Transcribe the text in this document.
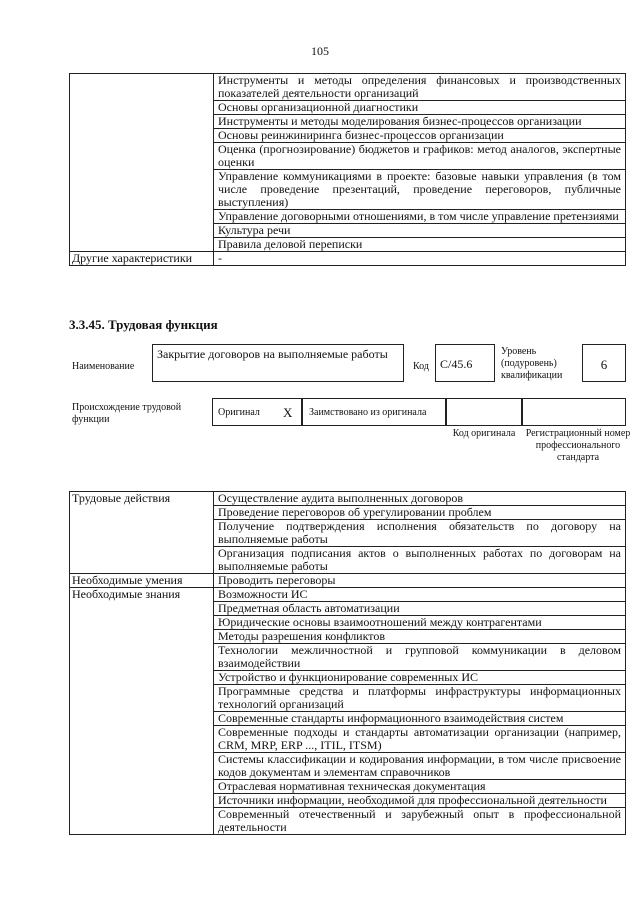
105
	Инструменты и методы определения финансовых и производственных показателей деятельности организаций
	Основы организационной диагностики
	Инструменты и методы моделирования бизнес-процессов организации
	Основы реинжиниринга бизнес-процессов организации
	Оценка (прогнозирование) бюджетов и графиков: метод аналогов, экспертные оценки
	Управление коммуникациями в проекте: базовые навыки управления (в том числе проведение презентаций, проведение переговоров, публичные выступления)
	Управление договорными отношениями, в том числе управление претензиями
	Культура речи
	Правила деловой переписки
Другие характеристики	-
3.3.45. Трудовая функция
Наименование
Закрытие договоров на выполняемые работы
Код C/45.6
Уровень (подуровень) квалификации
6
Происхождение трудовой функции
Оригинал X Заимствовано из оригинала
Код оригинала	Регистрационный номер профессионального стандарта
Трудовые действия	Осуществление аудита выполненных договоров
	Проведение переговоров об урегулировании проблем
	Получение подтверждения исполнения обязательств по договору на выполняемые работы
	Организация подписания актов о выполненных работах по договорам на выполняемые работы
Необходимые умения	Проводить переговоры
Необходимые знания	Возможности ИС
	Предметная область автоматизации
	Юридические основы взаимоотношений между контрагентами
	Методы разрешения конфликтов
	Технологии межличностной и групповой коммуникации в деловом взаимодействии
	Устройство и функционирование современных ИС
	Программные средства и платформы инфраструктуры информационных технологий организаций
	Современные стандарты информационного взаимодействия систем
	Современные подходы и стандарты автоматизации организации (например, CRM, MRP, ERP ..., ITIL, ITSM)
	Системы классификации и кодирования информации, в том числе присвоение кодов документам и элементам справочников
	Отраслевая нормативная техническая документация
	Источники информации, необходимой для профессиональной деятельности
	Современный отечественный и зарубежный опыт в профессиональной деятельности
